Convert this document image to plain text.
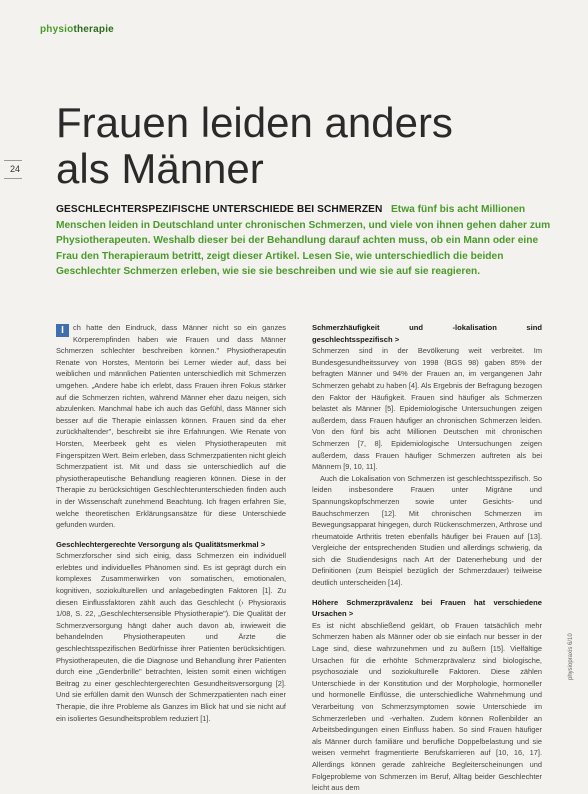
physiotherapie
24
Frauen leiden anders
als Männer

GESCHLECHTERSPEZIFISCHE UNTERSCHIEDE BEI SCHMERZEN Etwa fünf bis acht Millionen Menschen leiden in Deutschland unter chronischen Schmerzen, und viele von ihnen gehen daher zum Physiotherapeuten. Weshalb dieser bei der Behandlung darauf achten muss, ob ein Mann oder eine Frau den Therapieraum betritt, zeigt dieser Artikel. Lesen Sie, wie unterschiedlich die beiden Geschlechter Schmerzen erleben, wie sie sie beschreiben und wie sie auf sie reagieren.

I	ch hatte den Eindruck, dass Männer nicht so ein ganzes Körperempfinden haben wie Frauen und dass Männer Schmerzen schlechter beschreiben können." Physiotherapeutin Renate von Horstes, Mentorin bei Lerner wieder auf, dass bei weiblichen und männlichen Patienten unterschiedlich mit Schmerzen umgehen. „Andere habe ich erlebt, dass Frauen ihren Fokus stärker auf die Schmerzen richten, während Männer eher dazu neigen, sich abzulenken. Manchmal habe ich auch das Gefühl, dass Männer sich besser auf die Therapie einlassen können. Frauen sind da eher zurückhaltender", beschreibt sie ihre Erfahrungen. Wie Renate von Horsten, Meerbeek geht es vielen Physiotherapeuten mit Fingerspitzen Wert. Beim erleben, dass Schmerzpatienten nicht gleich Schmerzpatient ist. Mit und dass sie unterschiedlich auf die physiotherapeutische Behandlung reagieren können. Diese in der Therapie zu berücksichtigen Geschlechterunterschieden finden auch in der Wissenschaft zunehmend Beachtung. Ich fragen erfahren Sie, welche theoretischen Erklärungsansätze für diese Unterschiede gefunden wurden.

Geschlechtergerechte Versorgung als Qualitätsmerkmal >

Schmerzforscher sind sich einig, dass Schmerzen ein individuell erlebtes und individuelles Phänomen sind. Es ist geprägt durch ein komplexes Zusammenwirken von somatischen, emotionalen, kognitiven, soziokulturellen und anlagebedingten Faktoren [1]. Zu diesen Einflussfaktoren zählt auch das Geschlecht (› Physioraxis 1/08, S. 22, „Geschlechtersensible Physiotherapie"). Die Qualität der Schmerzversorgung hängt daher auch davon ab, inwieweit die behandelnden Physiotherapeuten und Ärzte die geschlechtsspezifischen Bedürfnisse ihrer Patienten berücksichtigen. Physiotherapeuten, die die Diagnose und Behandlung ihrer Patienten durch eine „Genderbrille" betrachten, leisten somit einen wichtigen Beitrag zu einer geschlechtergerechten Gesundheitsversorgung [2]. Und sie erfüllen damit den Wunsch der Schmerzpatienten nach einer Therapie, die ihre Probleme als Ganzes im Blick hat und sie nicht auf ein isoliertes Gesundheitsproblem reduziert [1].

Schmerzhäufigkeit und -lokalisation sind geschlechtsspezifisch >

Schmerzen sind in der Bevölkerung weit verbreitet. Im Bundesgesundheitssurvey von 1998 (BGS 98) gaben 85% der befragten Männer und 94% der Frauen an, im vergangenen Jahr Schmerzen gehabt zu haben [4]. Als Ergebnis der Befragung bezogen den Faktor der Häufigkeit. Frauen sind häufiger als Schmerzen belastet als Männer [5]. Epidemiologische Untersuchungen zeigen außerdem, dass Frauen häufiger an chronischen Schmerzen leiden. Von den fünf bis acht Millionen Deutschen mit chronischen Schmerzen [7, 8]. Epidemiologische Untersuchungen zeigen außerdem, dass Frauen häufiger Schmerzen auftreten als bei Männern [9, 10, 11].

Auch die Lokalisation von Schmerzen ist geschlechtsspezifisch. So leiden insbesondere Frauen unter Migräne und Spannungskopfschmerzen sowie unter Gesichts- und Bauchschmerzen [12]. Mit chronischen Schmerzen im Bewegungsapparat hingegen, durch Rückenschmerzen, Arthrose und rheumatoide Arthritis treten ebenfalls häufiger bei Frauen auf [13]. Vergleiche der entsprechenden Studien und allerdings schwierig, da sich die Studiendesigns nach Art der Datenerhebung und der Definitionen (zum Beispiel bezüglich der Schmerzdauer) teilweise deutlich unterscheiden [14].

Höhere Schmerzprävalenz bei Frauen hat verschiedene Ursachen >

Es ist nicht abschließend geklärt, ob Frauen tatsächlich mehr Schmerzen haben als Männer oder ob sie einfach nur besser in der Lage sind, diese wahrzunehmen und zu äußern [15]. Vielfältige Ursachen für die erhöhte Schmerzprävalenz sind biologische, psychosoziale und soziokulturelle Faktoren. Diese zählen Unterschiede in der Konstitution und der Morphologie, hormoneller und hormonelle Einflüsse, die unterschiedliche Wahrnehmung und Verarbeitung von Schmerzsymptomen sowie Unterschiede im Schmerzerleben und -verhalten. Zudem können Rollenbilder an Arbeitsbedingungen einen Einfluss haben. So sind Frauen häufiger als Männer durch familiäre und berufliche Doppelbelastung und sie weisen vermehrt fragmentierte Berufskarrieren auf [10, 16, 17]. Allerdings können gerade zahlreiche Begleiterscheinungen und Folgeprobleme von Schmerzen im Beruf, Alltag beider Geschlechter leicht aus dem

physiopraxis 6/10
